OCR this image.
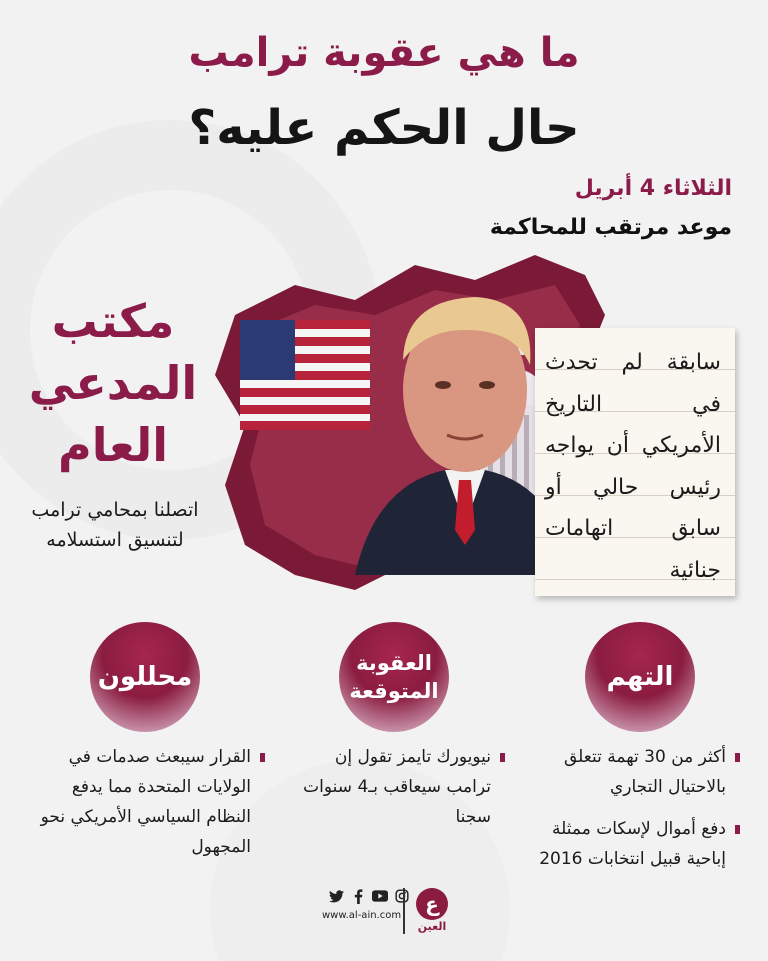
ما هي عقوبة ترامب
حال الحكم عليه؟
الثلاثاء 4 أبريل
موعد مرتقب للمحاكمة
مكتب
المدعي
العام
اتصلنا بمحامي ترامب
لتنسيق استسلامه
سابقة لم تحدث في التاريخ الأمريكي أن يواجه رئيس حالي أو سابق اتهامات جنائية
التهم
العقوبة
المتوقعة
محللون
أكثر من 30 تهمة تتعلق بالاحتيال التجاري
دفع أموال لإسكات ممثلة إباحية قبيل انتخابات 2016
نيويورك تايمز تقول إن ترامب سيعاقب بـ4 سنوات سجنا
القرار سيبعث صدمات في الولايات المتحدة مما يدفع النظام السياسي الأمريكي نحو المجهول
www.al-ain.com	ع
العين
